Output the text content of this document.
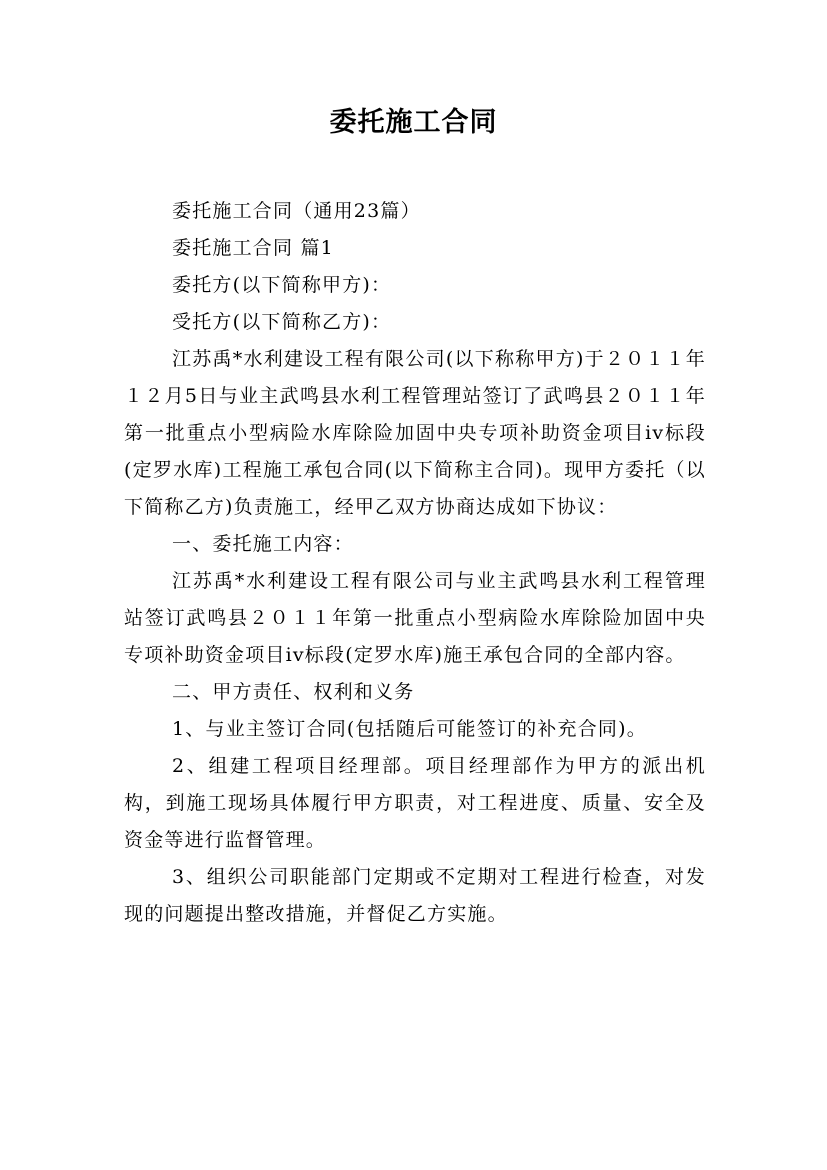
委托施工合同

委托施工合同（通用23篇）

委托施工合同 篇1

委托方(以下简称甲方)：

受托方(以下简称乙方)：

江苏禹*水利建设工程有限公司(以下称称甲方)于２０１１年１２月5日与业主武鸣县水利工程管理站签订了武鸣县２０１１年第一批重点小型病险水库除险加固中央专项补助资金项目iv标段(定罗水库)工程施工承包合同(以下简称主合同)。现甲方委托（以下简称乙方)负责施工，经甲乙双方协商达成如下协议：

一、委托施工内容：

江苏禹*水利建设工程有限公司与业主武鸣县水利工程管理站签订武鸣县２０１１年第一批重点小型病险水库除险加固中央专项补助资金项目iv标段(定罗水库)施王承包合同的全部内容。

二、甲方责任、权利和义务

1、与业主签订合同(包括随后可能签订的补充合同)。

2、组建工程项目经理部。项目经理部作为甲方的派出机构，到施工现场具体履行甲方职责，对工程进度、质量、安全及资金等进行监督管理。

3、组织公司职能部门定期或不定期对工程进行检查，对发现的问题提出整改措施，并督促乙方实施。
